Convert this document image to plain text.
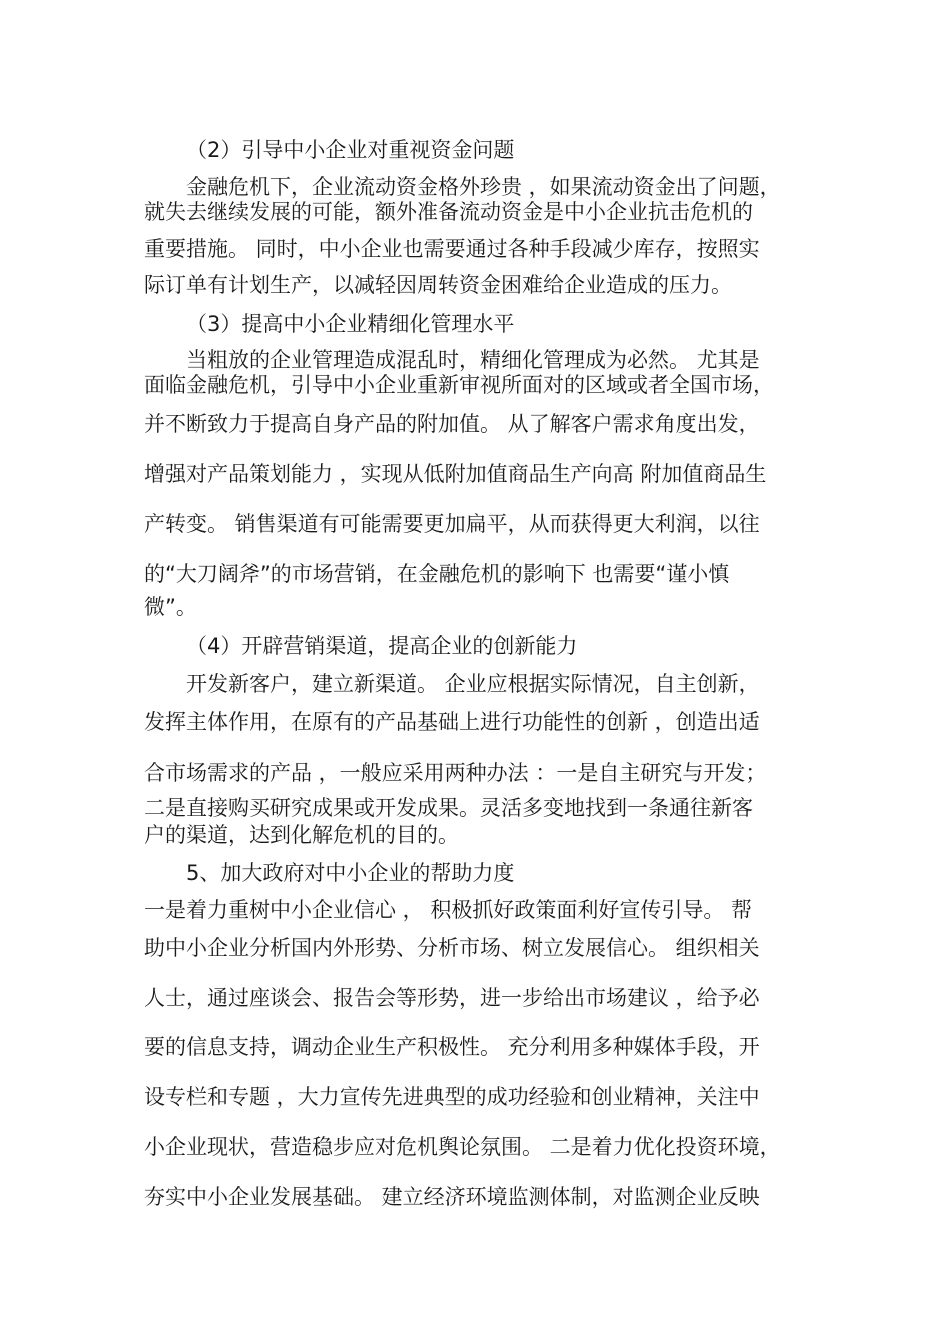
（2）引导中小企业对重视资金问题
金融危机下，企业流动资金格外珍贵 ，如果流动资金出了问题，
就失去继续发展的可能，额外准备流动资金是中小企业抗击危机的
重要措施。 同时，中小企业也需要通过各种手段减少库存，按照实
际订单有计划生产，以减轻因周转资金困难给企业造成的压力。
（3）提高中小企业精细化管理水平
当粗放的企业管理造成混乱时，精细化管理成为必然。 尤其是
面临金融危机，引导中小企业重新审视所面对的区域或者全国市场，
并不断致力于提高自身产品的附加值。 从了解客户需求角度出发，
增强对产品策划能力 ，实现从低附加值商品生产向高 附加值商品生
产转变。 销售渠道有可能需要更加扁平，从而获得更大利润，以往
的“大刀阔斧”的市场营销，在金融危机的影响下 也需要“谨小慎
微”。
（4）开辟营销渠道，提高企业的创新能力
开发新客户，建立新渠道。 企业应根据实际情况，自主创新，
发挥主体作用，在原有的产品基础上进行功能性的创新 ，创造出适
合市场需求的产品 ，一般应采用两种办法 ：一是自主研究与开发；
二是直接购买研究成果或开发成果。灵活多变地找到一条通往新客
户的渠道，达到化解危机的目的。
5、加大政府对中小企业的帮助力度
一是着力重树中小企业信心 ， 积极抓好政策面利好宣传引导。 帮
助中小企业分析国内外形势、分析市场、树立发展信心。 组织相关
人士，通过座谈会、报告会等形势，进一步给出市场建议 ，给予必
要的信息支持，调动企业生产积极性。 充分利用多种媒体手段，开
设专栏和专题 ，大力宣传先进典型的成功经验和创业精神，关注中
小企业现状，营造稳步应对危机舆论氛围。 二是着力优化投资环境，
夯实中小企业发展基础。 建立经济环境监测体制，对监测企业反映
